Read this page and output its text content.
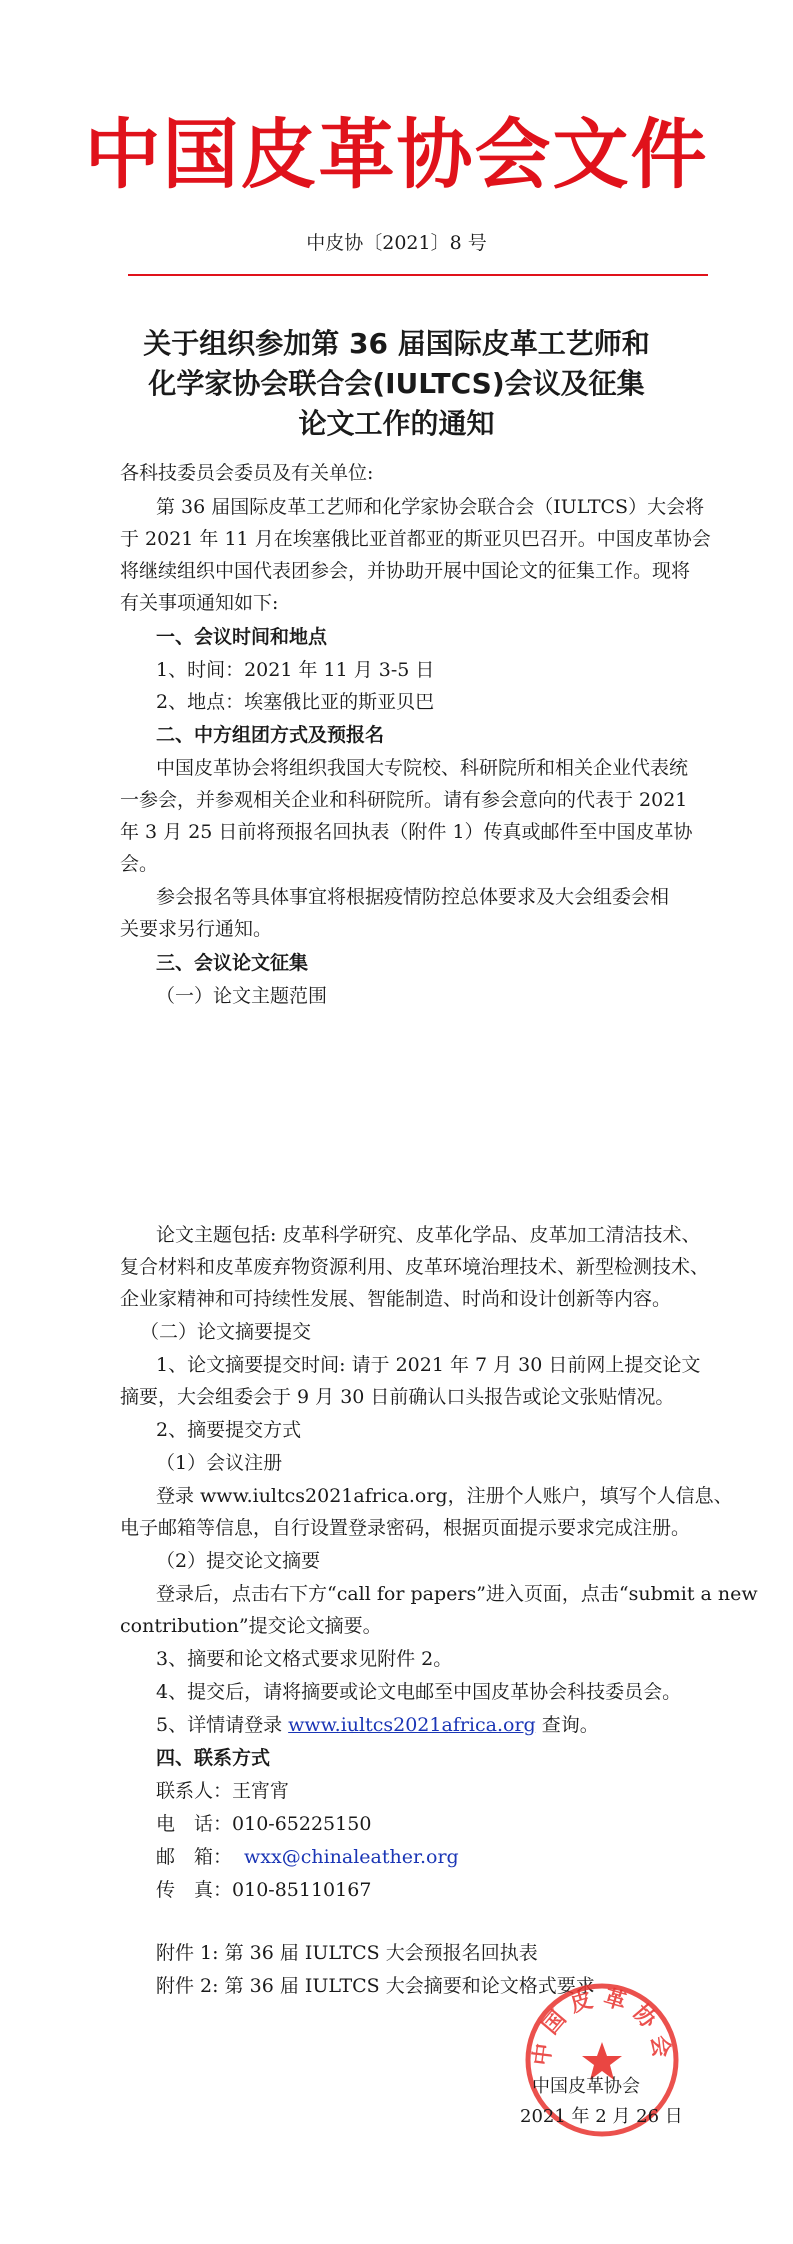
中国皮革协会文件
中皮协〔2021〕8 号
关于组织参加第 36 届国际皮革工艺师和
化学家协会联合会(IULTCS)会议及征集
论文工作的通知
各科技委员会委员及有关单位:
第 36 届国际皮革工艺师和化学家协会联合会（IULTCS）大会将
于 2021 年 11 月在埃塞俄比亚首都亚的斯亚贝巴召开。中国皮革协会
将继续组织中国代表团参会，并协助开展中国论文的征集工作。现将
有关事项通知如下:
一、会议时间和地点
1、时间：2021 年 11 月 3-5 日
2、地点：埃塞俄比亚的斯亚贝巴
二、中方组团方式及预报名
中国皮革协会将组织我国大专院校、科研院所和相关企业代表统
一参会，并参观相关企业和科研院所。请有参会意向的代表于 2021
年 3 月 25 日前将预报名回执表（附件 1）传真或邮件至中国皮革协
会。
参会报名等具体事宜将根据疫情防控总体要求及大会组委会相
关要求另行通知。
三、会议论文征集
（一）论文主题范围
论文主题包括: 皮革科学研究、皮革化学品、皮革加工清洁技术、
复合材料和皮革废弃物资源利用、皮革环境治理技术、新型检测技术、
企业家精神和可持续性发展、智能制造、时尚和设计创新等内容。
（二）论文摘要提交
1、论文摘要提交时间: 请于 2021 年 7 月 30 日前网上提交论文
摘要，大会组委会于 9 月 30 日前确认口头报告或论文张贴情况。
2、摘要提交方式
（1）会议注册
登录 www.iultcs2021africa.org，注册个人账户，填写个人信息、
电子邮箱等信息，自行设置登录密码，根据页面提示要求完成注册。
（2）提交论文摘要
登录后，点击右下方“call for papers”进入页面，点击“submit a new
contribution”提交论文摘要。
3、摘要和论文格式要求见附件 2。
4、提交后，请将摘要或论文电邮至中国皮革协会科技委员会。
5、详情请登录 www.iultcs2021africa.org 查询。
四、联系方式
联系人：王宵宵
电　话：010-65225150
邮　箱： wxx@chinaleather.org
传　真：010-85110167
附件 1: 第 36 届 IULTCS 大会预报名回执表
附件 2: 第 36 届 IULTCS 大会摘要和论文格式要求
中国皮革协会
中国皮革协会
2021 年 2 月 26 日
